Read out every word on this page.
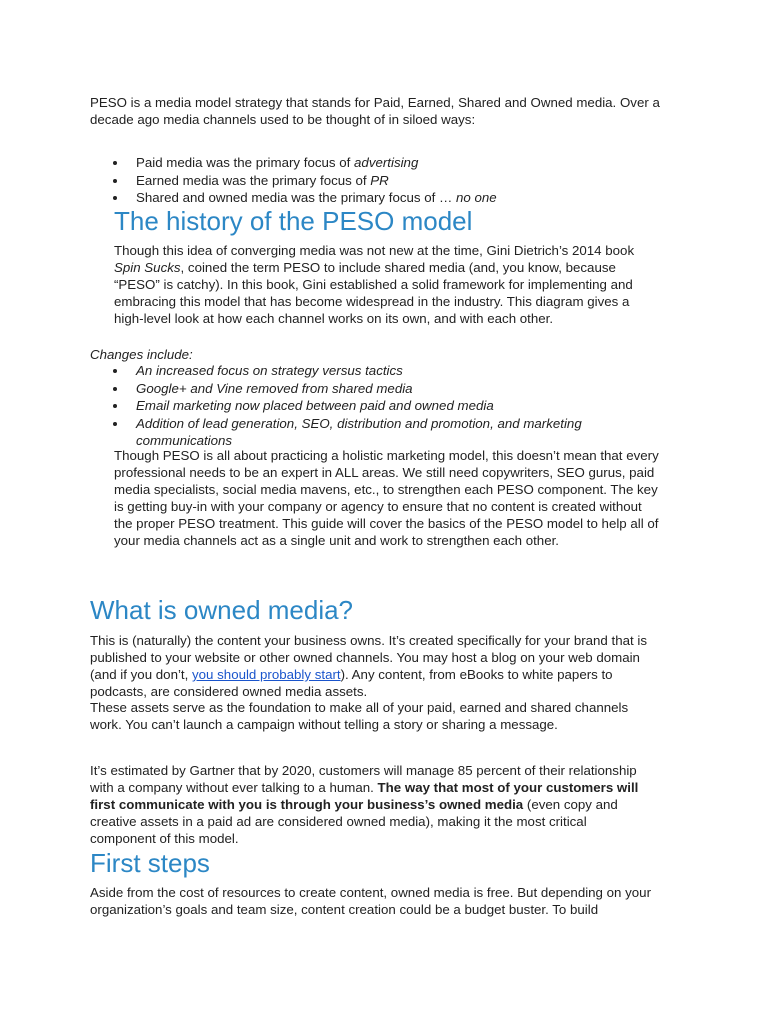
PESO is a media model strategy that stands for Paid, Earned, Shared and Owned media. Over a decade ago media channels used to be thought of in siloed ways:

Paid media was the primary focus of advertising
Earned media was the primary focus of PR
Shared and owned media was the primary focus of … no one
The history of the PESO model

Though this idea of converging media was not new at the time, Gini Dietrich’s 2014 book Spin Sucks, coined the term PESO to include shared media (and, you know, because “PESO” is catchy). In this book, Gini established a solid framework for implementing and embracing this model that has become widespread in the industry. This diagram gives a high-level look at how each channel works on its own, and with each other.

Changes include:

An increased focus on strategy versus tactics
Google+ and Vine removed from shared media
Email marketing now placed between paid and owned media
Addition of lead generation, SEO, distribution and promotion, and marketing communications

Though PESO is all about practicing a holistic marketing model, this doesn’t mean that every professional needs to be an expert in ALL areas. We still need copywriters, SEO gurus, paid media specialists, social media mavens, etc., to strengthen each PESO component. The key is getting buy-in with your company or agency to ensure that no content is created without the proper PESO treatment. This guide will cover the basics of the PESO model to help all of your media channels act as a single unit and work to strengthen each other.

What is owned media?

This is (naturally) the content your business owns. It’s created specifically for your brand that is published to your website or other owned channels. You may host a blog on your web domain (and if you don’t, you should probably start). Any content, from eBooks to white papers to podcasts, are considered owned media assets.

These assets serve as the foundation to make all of your paid, earned and shared channels work. You can’t launch a campaign without telling a story or sharing a message.

It’s estimated by Gartner that by 2020, customers will manage 85 percent of their relationship with a company without ever talking to a human. The way that most of your customers will first communicate with you is through your business’s owned media (even copy and creative assets in a paid ad are considered owned media), making it the most critical component of this model.

First steps

Aside from the cost of resources to create content, owned media is free. But depending on your organization’s goals and team size, content creation could be a budget buster. To build
